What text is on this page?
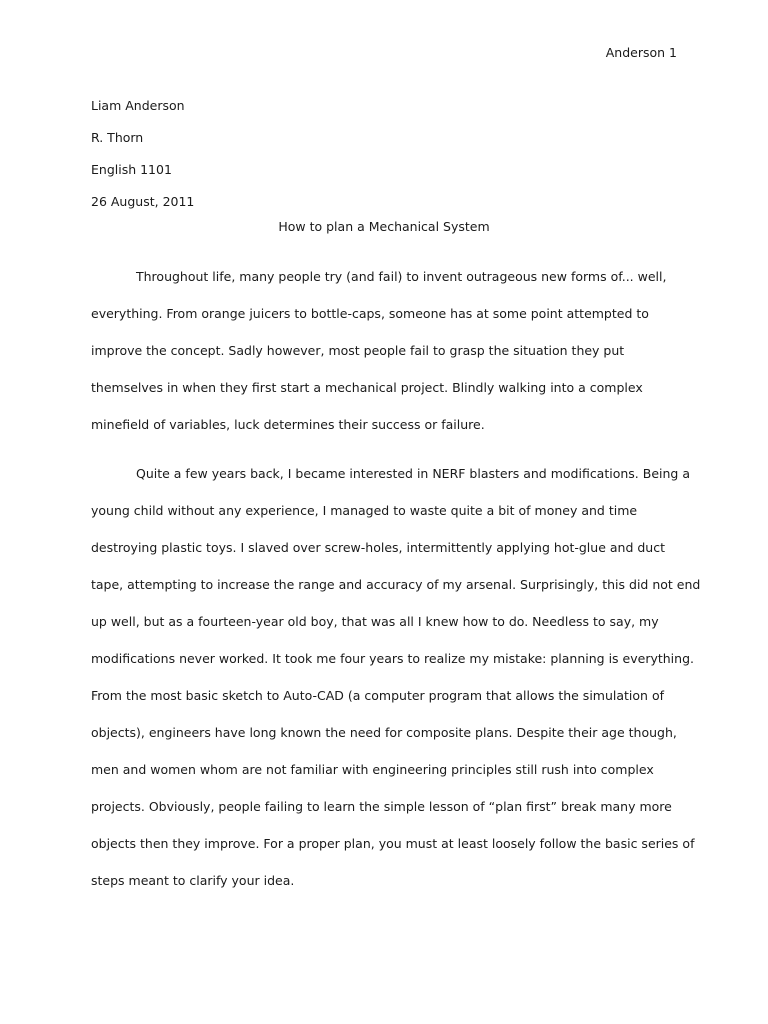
Anderson 1
Liam Anderson
R. Thorn
English 1101
26 August, 2011
How to plan a Mechanical System
Throughout life, many people try (and fail) to invent outrageous new forms of... well,
everything. From orange juicers to bottle-caps, someone has at some point attempted to
improve the concept. Sadly however, most people fail to grasp the situation they put
themselves in when they first start a mechanical project. Blindly walking into a complex
minefield of variables, luck determines their success or failure.
Quite a few years back, I became interested in NERF blasters and modifications. Being a
young child without any experience, I managed to waste quite a bit of money and time
destroying plastic toys. I slaved over screw-holes, intermittently applying hot-glue and duct
tape, attempting to increase the range and accuracy of my arsenal. Surprisingly, this did not end
up well, but as a fourteen-year old boy, that was all I knew how to do. Needless to say, my
modifications never worked. It took me four years to realize my mistake: planning is everything.
From the most basic sketch to Auto-CAD (a computer program that allows the simulation of
objects), engineers have long known the need for composite plans. Despite their age though,
men and women whom are not familiar with engineering principles still rush into complex
projects. Obviously, people failing to learn the simple lesson of “plan first” break many more
objects then they improve. For a proper plan, you must at least loosely follow the basic series of
steps meant to clarify your idea.
